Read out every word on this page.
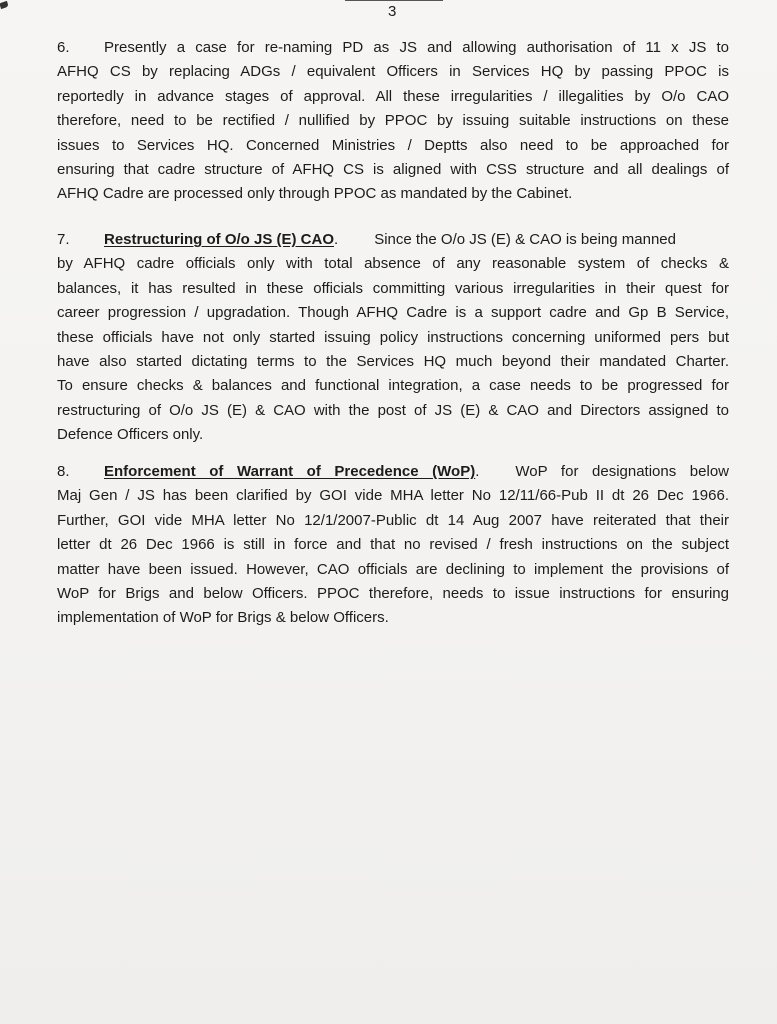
3
6. Presently a case for re-naming PD as JS and allowing authorisation of 11 x JS to
AFHQ CS by replacing ADGs / equivalent Officers in Services HQ by passing PPOC is
reportedly in advance stages of approval. All these irregularities / illegalities by O/o CAO
therefore, need to be rectified / nullified by PPOC by issuing suitable instructions on these
issues to Services HQ. Concerned Ministries / Deptts also need to be approached for
ensuring that cadre structure of AFHQ CS is aligned with CSS structure and all dealings of
AFHQ Cadre are processed only through PPOC as mandated by the Cabinet.
7. Restructuring of O/o JS (E) CAO. Since the O/o JS (E) & CAO is being manned
by AFHQ cadre officials only with total absence of any reasonable system of checks &
balances, it has resulted in these officials committing various irregularities in their quest for
career progression / upgradation. Though AFHQ Cadre is a support cadre and Gp B Service,
these officials have not only started issuing policy instructions concerning uniformed pers but
have also started dictating terms to the Services HQ much beyond their mandated Charter.
To ensure checks & balances and functional integration, a case needs to be progressed for
restructuring of O/o JS (E) & CAO with the post of JS (E) & CAO and Directors assigned to
Defence Officers only.
8. Enforcement of Warrant of Precedence (WoP). WoP for designations below
Maj Gen / JS has been clarified by GOI vide MHA letter No 12/11/66-Pub II dt 26 Dec 1966.
Further, GOI vide MHA letter No 12/1/2007-Public dt 14 Aug 2007 have reiterated that their
letter dt 26 Dec 1966 is still in force and that no revised / fresh instructions on the subject
matter have been issued. However, CAO officials are declining to implement the provisions of
WoP for Brigs and below Officers. PPOC therefore, needs to issue instructions for ensuring
implementation of WoP for Brigs & below Officers.
